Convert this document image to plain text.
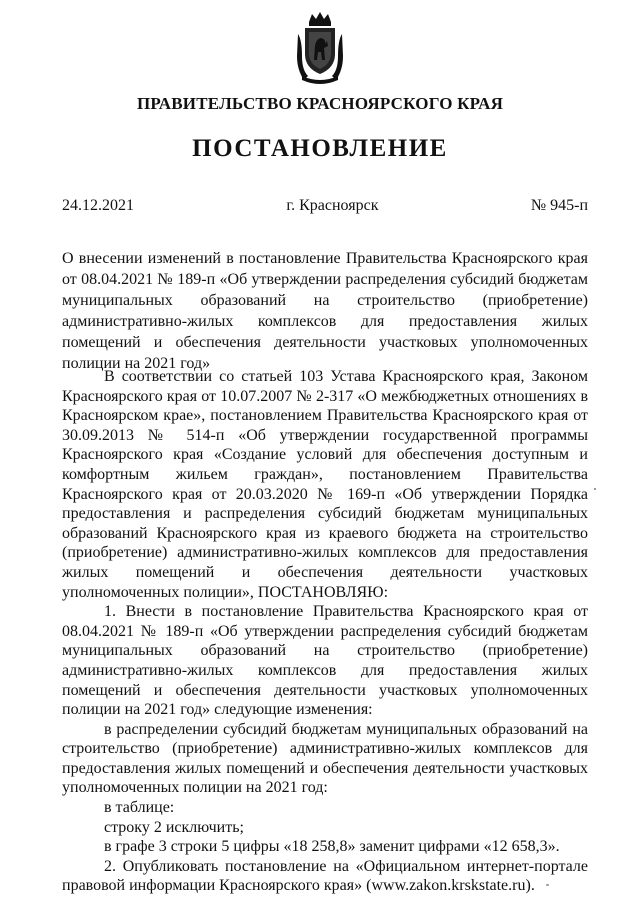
ПРАВИТЕЛЬСТВО КРАСНОЯРСКОГО КРАЯ
ПОСТАНОВЛЕНИЕ
24.12.2021	г. Красноярск	№ 945-п
О внесении изменений в постановление Правительства Красноярского края от 08.04.2021 № 189-п «Об утверждении распределения субсидий бюджетам муниципальных образований на строительство (приобретение) административно-жилых комплексов для предоставления жилых помещений и обеспечения деятельности участковых уполномоченных полиции на 2021 год»

В соответствии со статьей 103 Устава Красноярского края, Законом Красноярского края от 10.07.2007 № 2-317 «О межбюджетных отношениях в Красноярском крае», постановлением Правительства Красноярского края от 30.09.2013 № 514-п «Об утверждении государственной программы Красноярского края «Создание условий для обеспечения доступным и комфортным жильем граждан», постановлением Правительства Красноярского края от 20.03.2020 № 169-п «Об утверждении Порядка предоставления и распределения субсидий бюджетам муниципальных образований Красноярского края из краевого бюджета на строительство (приобретение) административно-жилых комплексов для предоставления жилых помещений и обеспечения деятельности участковых уполномоченных полиции», ПОСТАНОВЛЯЮ:

1. Внести в постановление Правительства Красноярского края от 08.04.2021 № 189-п «Об утверждении распределения субсидий бюджетам муниципальных образований на строительство (приобретение) административно-жилых комплексов для предоставления жилых помещений и обеспечения деятельности участковых уполномоченных полиции на 2021 год» следующие изменения:

в распределении субсидий бюджетам муниципальных образований на строительство (приобретение) административно-жилых комплексов для предоставления жилых помещений и обеспечения деятельности участковых уполномоченных полиции на 2021 год:

в таблице:

строку 2 исключить;

в графе 3 строки 5 цифры «18 258,8» заменит цифрами «12 658,3».

2. Опубликовать постановление на «Официальном интернет-портале правовой информации Красноярского края» (www.zakon.krskstate.ru).
